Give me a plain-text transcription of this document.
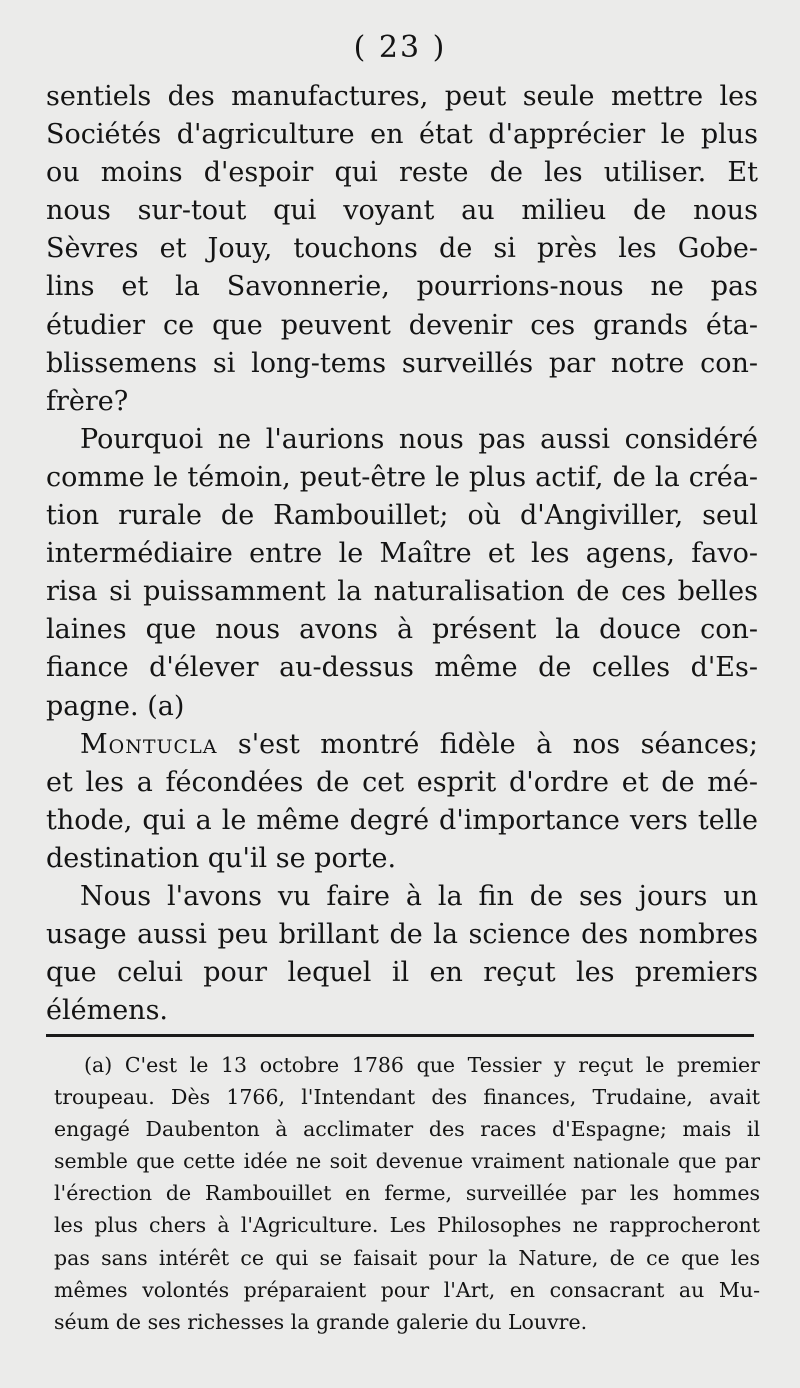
( 23 )
sentiels des manufactures, peut seule mettre les
Sociétés d'agriculture en état d'apprécier le plus
ou moins d'espoir qui reste de les utiliser. Et
nous sur-tout qui voyant au milieu de nous
Sèvres et Jouy, touchons de si près les Gobe-
lins et la Savonnerie, pourrions-nous ne pas
étudier ce que peuvent devenir ces grands éta-
blissemens si long-tems surveillés par notre con-
frère?
Pourquoi ne l'aurions nous pas aussi considéré
comme le témoin, peut-être le plus actif, de la créa-
tion rurale de Rambouillet; où d'Angiviller, seul
intermédiaire entre le Maître et les agens, favo-
risa si puissamment la naturalisation de ces belles
laines que nous avons à présent la douce con-
fiance d'élever au-dessus même de celles d'Es-
pagne. (a)
Montucla s'est montré fidèle à nos séances;
et les a fécondées de cet esprit d'ordre et de mé-
thode, qui a le même degré d'importance vers telle
destination qu'il se porte.
Nous l'avons vu faire à la fin de ses jours un
usage aussi peu brillant de la science des nombres
que celui pour lequel il en reçut les premiers
élémens.
(a) C'est le 13 octobre 1786 que Tessier y reçut le premier
troupeau. Dès 1766, l'Intendant des finances, Trudaine, avait
engagé Daubenton à acclimater des races d'Espagne; mais il
semble que cette idée ne soit devenue vraiment nationale que par
l'érection de Rambouillet en ferme, surveillée par les hommes
les plus chers à l'Agriculture. Les Philosophes ne rapprocheront
pas sans intérêt ce qui se faisait pour la Nature, de ce que les
mêmes volontés préparaient pour l'Art, en consacrant au Mu-
séum de ses richesses la grande galerie du Louvre.
